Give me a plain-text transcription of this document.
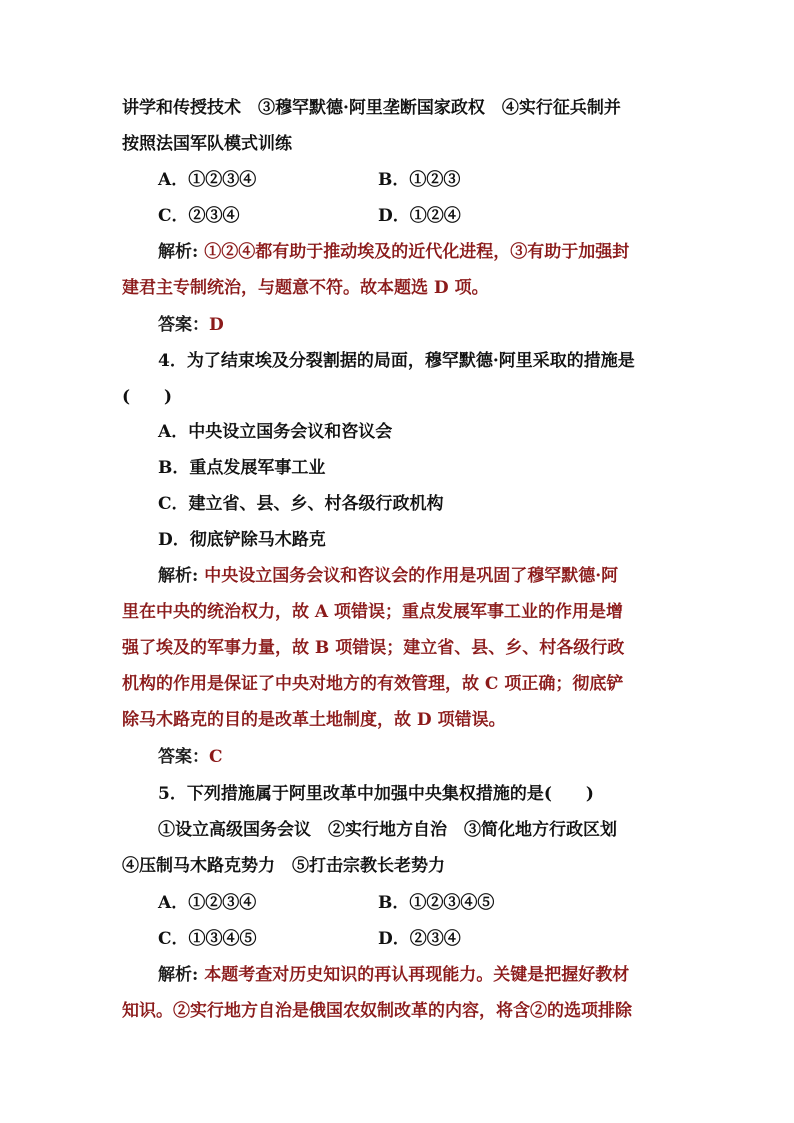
讲学和传授技术　③穆罕默德·阿里垄断国家政权　④实行征兵制并
按照法国军队模式训练
A．①②③④	B．①②③
C．②③④	D．①②④
解析: ①②④都有助于推动埃及的近代化进程，③有助于加强封
建君主专制统治，与题意不符。故本题选 D 项。
答案：D
4．为了结束埃及分裂割据的局面，穆罕默德·阿里采取的措施是
(　　)
A．中央设立国务会议和咨议会
B．重点发展军事工业
C．建立省、县、乡、村各级行政机构
D．彻底铲除马木路克
解析: 中央设立国务会议和咨议会的作用是巩固了穆罕默德·阿
里在中央的统治权力，故 A 项错误；重点发展军事工业的作用是增
强了埃及的军事力量，故 B 项错误；建立省、县、乡、村各级行政
机构的作用是保证了中央对地方的有效管理，故 C 项正确；彻底铲
除马木路克的目的是改革土地制度，故 D 项错误。
答案：C
5．下列措施属于阿里改革中加强中央集权措施的是(　　)
①设立高级国务会议　②实行地方自治　③简化地方行政区划
④压制马木路克势力　⑤打击宗教长老势力
A．①②③④	B．①②③④⑤
C．①③④⑤	D．②③④
解析: 本题考查对历史知识的再认再现能力。关键是把握好教材
知识。②实行地方自治是俄国农奴制改革的内容，将含②的选项排除
